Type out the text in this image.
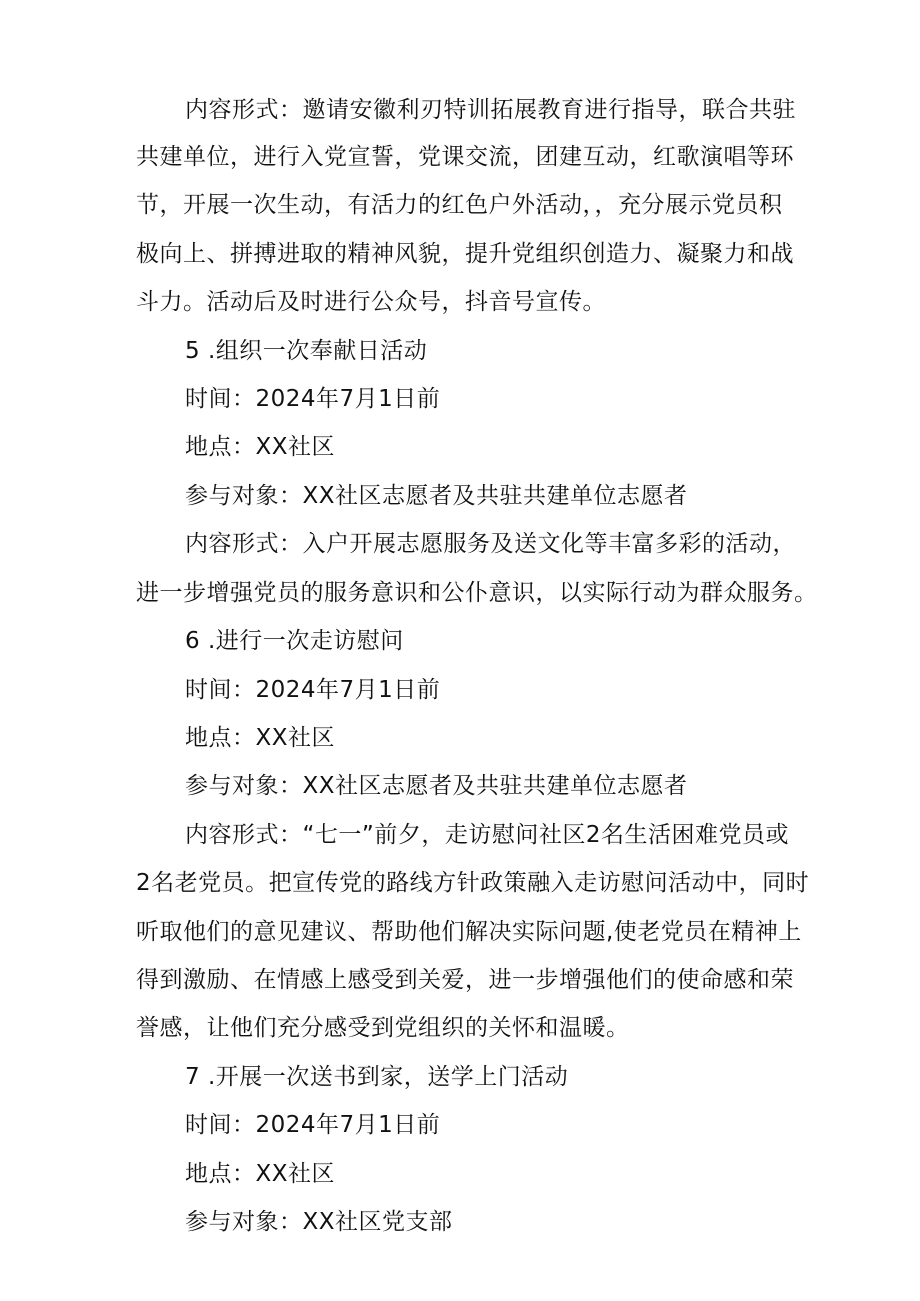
内容形式：邀请安徽利刃特训拓展教育进行指导，联合共驻
共建单位，进行入党宣誓，党课交流，团建互动，红歌演唱等环
节，开展一次生动，有活力的红色户外活动，，充分展示党员积
极向上、拼搏进取的精神风貌，提升党组织创造力、凝聚力和战
斗力。活动后及时进行公众号，抖音号宣传。
5 .组织一次奉献日活动
时间：2024年7月1日前
地点：XX社区
参与对象：XX社区志愿者及共驻共建单位志愿者
内容形式：入户开展志愿服务及送文化等丰富多彩的活动，
进一步增强党员的服务意识和公仆意识，以实际行动为群众服务。
6 .进行一次走访慰问
时间：2024年7月1日前
地点：XX社区
参与对象：XX社区志愿者及共驻共建单位志愿者
内容形式：“七一”前夕，走访慰问社区2名生活困难党员或
2名老党员。把宣传党的路线方针政策融入走访慰问活动中，同时
听取他们的意见建议、帮助他们解决实际问题,使老党员在精神上
得到激励、在情感上感受到关爱，进一步增强他们的使命感和荣
誉感，让他们充分感受到党组织的关怀和温暖。
7 .开展一次送书到家，送学上门活动
时间：2024年7月1日前
地点：XX社区
参与对象：XX社区党支部
